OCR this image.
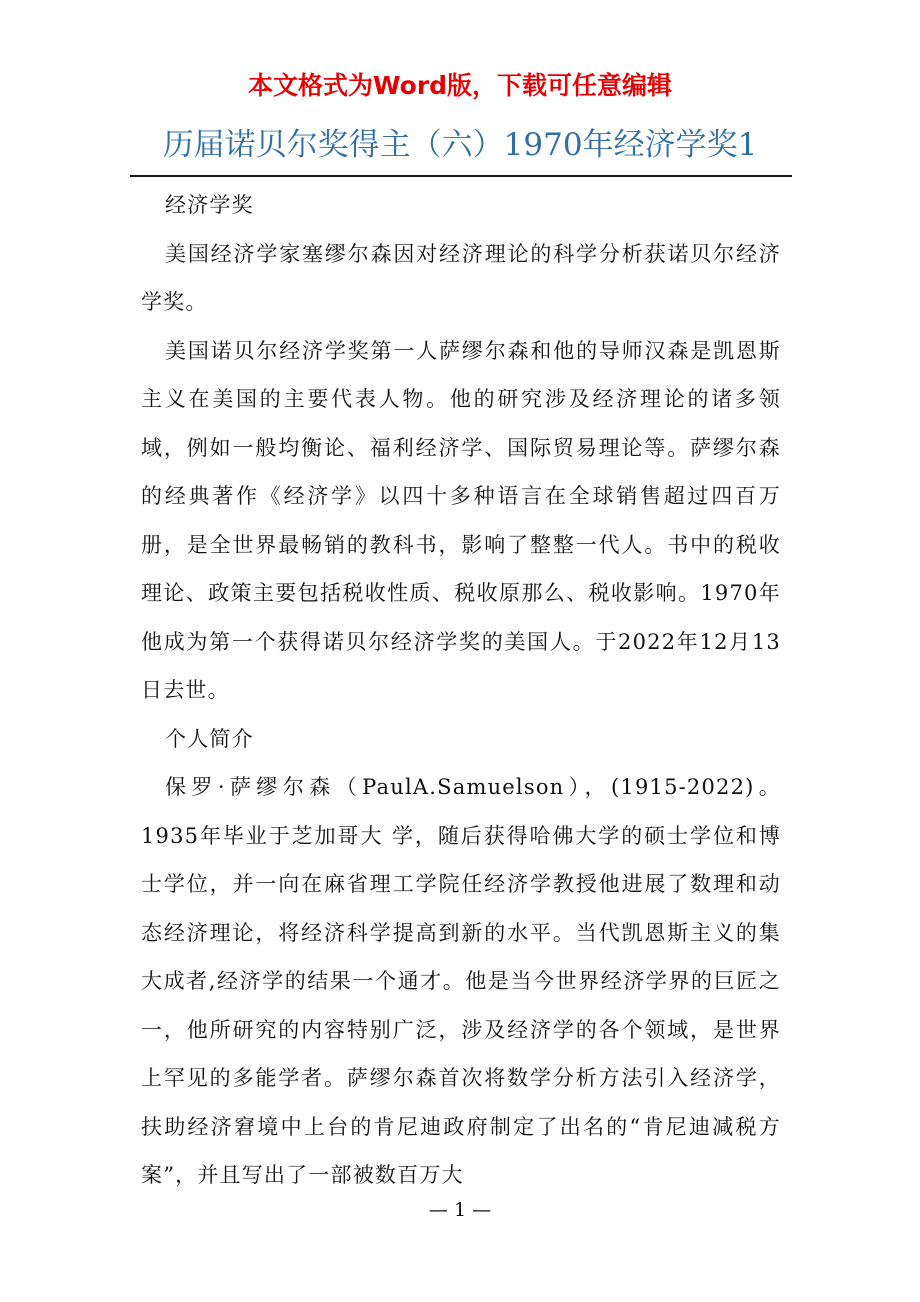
本文格式为Word版，下载可任意编辑
历届诺贝尔奖得主（六）1970年经济学奖1

经济学奖

美国经济学家塞缪尔森因对经济理论的科学分析获诺贝尔经济学奖。

美国诺贝尔经济学奖第一人萨缪尔森和他的导师汉森是凯恩斯主义在美国的主要代表人物。他的研究涉及经济理论的诸多领域，例如一般均衡论、福利经济学、国际贸易理论等。萨缪尔森的经典著作《经济学》以四十多种语言在全球销售超过四百万册，是全世界最畅销的教科书，影响了整整一代人。书中的税收理论、政策主要包括税收性质、税收原那么、税收影响。1970年他成为第一个获得诺贝尔经济学奖的美国人。于2022年12月13日去世。

个人简介

保罗·萨缪尔森（PaulA.Samuelson），(1915-2022)。1935年毕业于芝加哥大 学，随后获得哈佛大学的硕士学位和博士学位，并一向在麻省理工学院任经济学教授他进展了数理和动态经济理论，将经济科学提高到新的水平。当代凯恩斯主义的集大成者,经济学的结果一个通才。他是当今世界经济学界的巨匠之一，他所研究的内容特别广泛，涉及经济学的各个领域，是世界上罕见的多能学者。萨缪尔森首次将数学分析方法引入经济学，扶助经济窘境中上台的肯尼迪政府制定了出名的“肯尼迪减税方案”，并且写出了一部被数百万大

— 1 —
